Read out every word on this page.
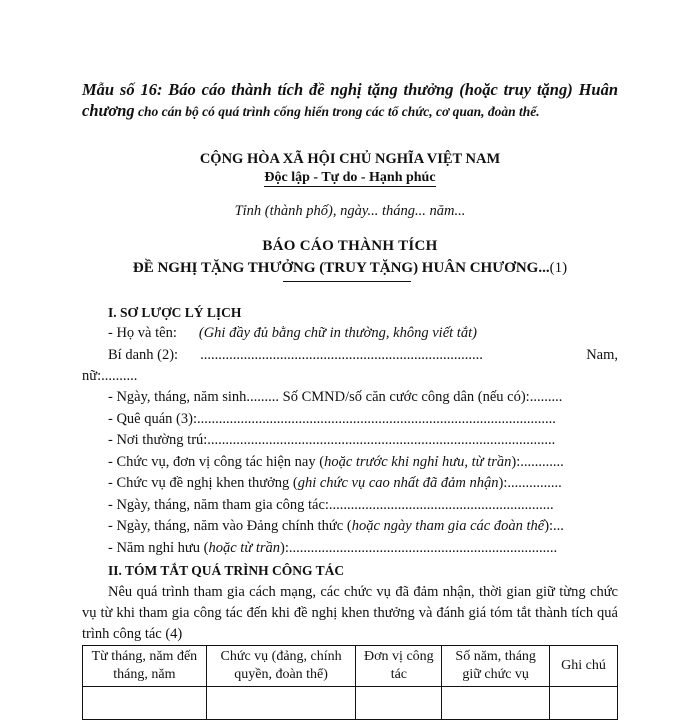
Mẫu số 16: Báo cáo thành tích đề nghị tặng thưởng (hoặc truy tặng) Huân chương cho cán bộ có quá trình cống hiến trong các tổ chức, cơ quan, đoàn thể.
CỘNG HÒA XÃ HỘI CHỦ NGHĨA VIỆT NAM
Độc lập - Tự do - Hạnh phúc
Tỉnh (thành phố), ngày... tháng... năm...
BÁO CÁO THÀNH TÍCH
ĐỀ NGHỊ TẶNG THƯỞNG (TRUY TẶNG) HUÂN CHƯƠNG...(1)
I. SƠ LƯỢC LÝ LỊCH
- Họ và tên: (Ghi đầy đủ bằng chữ in thường, không viết tắt)
Bí danh (2): ..............................................................................	Nam,
nữ:..........
- Ngày, tháng, năm sinh......... Số CMND/số căn cước công dân (nếu có):.........
- Quê quán (3):...................................................................................................
- Nơi thường trú:................................................................................................
- Chức vụ, đơn vị công tác hiện nay (hoặc trước khi nghỉ hưu, từ trần):............
- Chức vụ đề nghị khen thưởng (ghi chức vụ cao nhất đã đảm nhận):...............
- Ngày, tháng, năm tham gia công tác:..............................................................
- Ngày, tháng, năm vào Đảng chính thức (hoặc ngày tham gia các đoàn thể):...
- Năm nghỉ hưu (hoặc từ trần):..........................................................................
II. TÓM TẮT QUÁ TRÌNH CÔNG TÁC
Nêu quá trình tham gia cách mạng, các chức vụ đã đảm nhận, thời gian giữ từng chức vụ từ khi tham gia công tác đến khi đề nghị khen thưởng và đánh giá tóm tắt thành tích quá trình công tác (4)
Từ tháng, năm đến tháng, năm	Chức vụ (đảng, chính quyền, đoàn thể)	Đơn vị công tác	Số năm, tháng giữ chức vụ	Ghi chú
